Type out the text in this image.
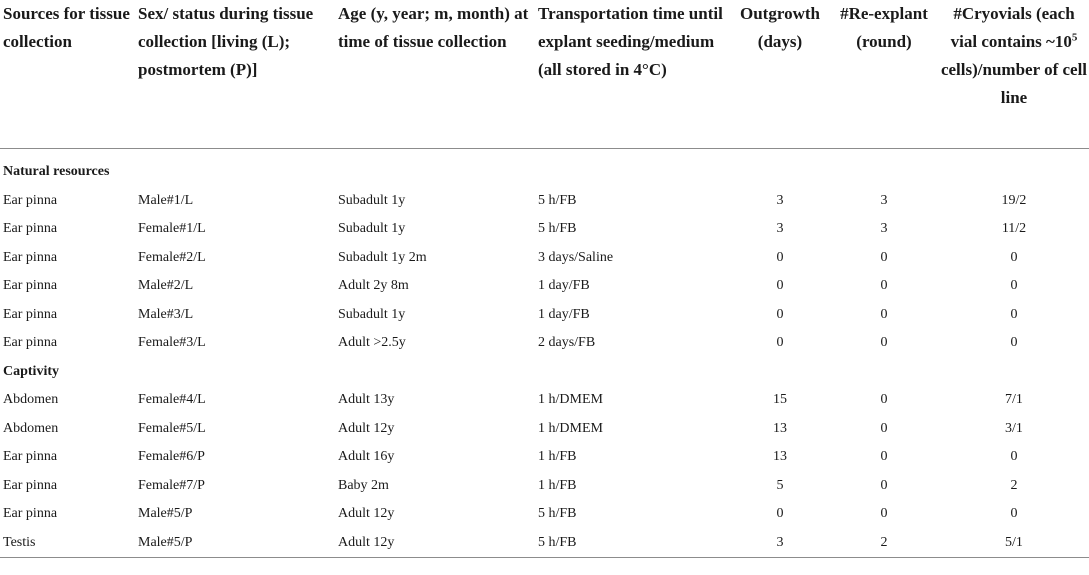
Sources for tissue collection	Sex/ status during tissue collection [living (L); postmortem (P)]	Age (y, year; m, month) at time of tissue collection	Transportation time until explant seeding/medium (all stored in 4°C)	Outgrowth (days)	#Re-explant (round)	#Cryovials (each vial contains $\sim 10^5$ cells)/number of cell line

Natural resources						
Ear pinna	Male#1/L	Subadult 1y	5 h/FB	3	3	19/2
Ear pinna	Female#1/L	Subadult 1y	5 h/FB	3	3	11/2
Ear pinna	Female#2/L	Subadult 1y 2m	3 days/Saline	0	0	0
Ear pinna	Male#2/L	Adult 2y 8m	1 day/FB	0	0	0
Ear pinna	Male#3/L	Subadult 1y	1 day/FB	0	0	0
Ear pinna	Female#3/L	Adult >2.5y	2 days/FB	0	0	0
Captivity						
Abdomen	Female#4/L	Adult 13y	1 h/DMEM	15	0	7/1
Abdomen	Female#5/L	Adult 12y	1 h/DMEM	13	0	3/1
Ear pinna	Female#6/P	Adult 16y	1 h/FB	13	0	0
Ear pinna	Female#7/P	Baby 2m	1 h/FB	5	0	2
Ear pinna	Male#5/P	Adult 12y	5 h/FB	0	0	0
Testis	Male#5/P	Adult 12y	5 h/FB	3	2	5/1
